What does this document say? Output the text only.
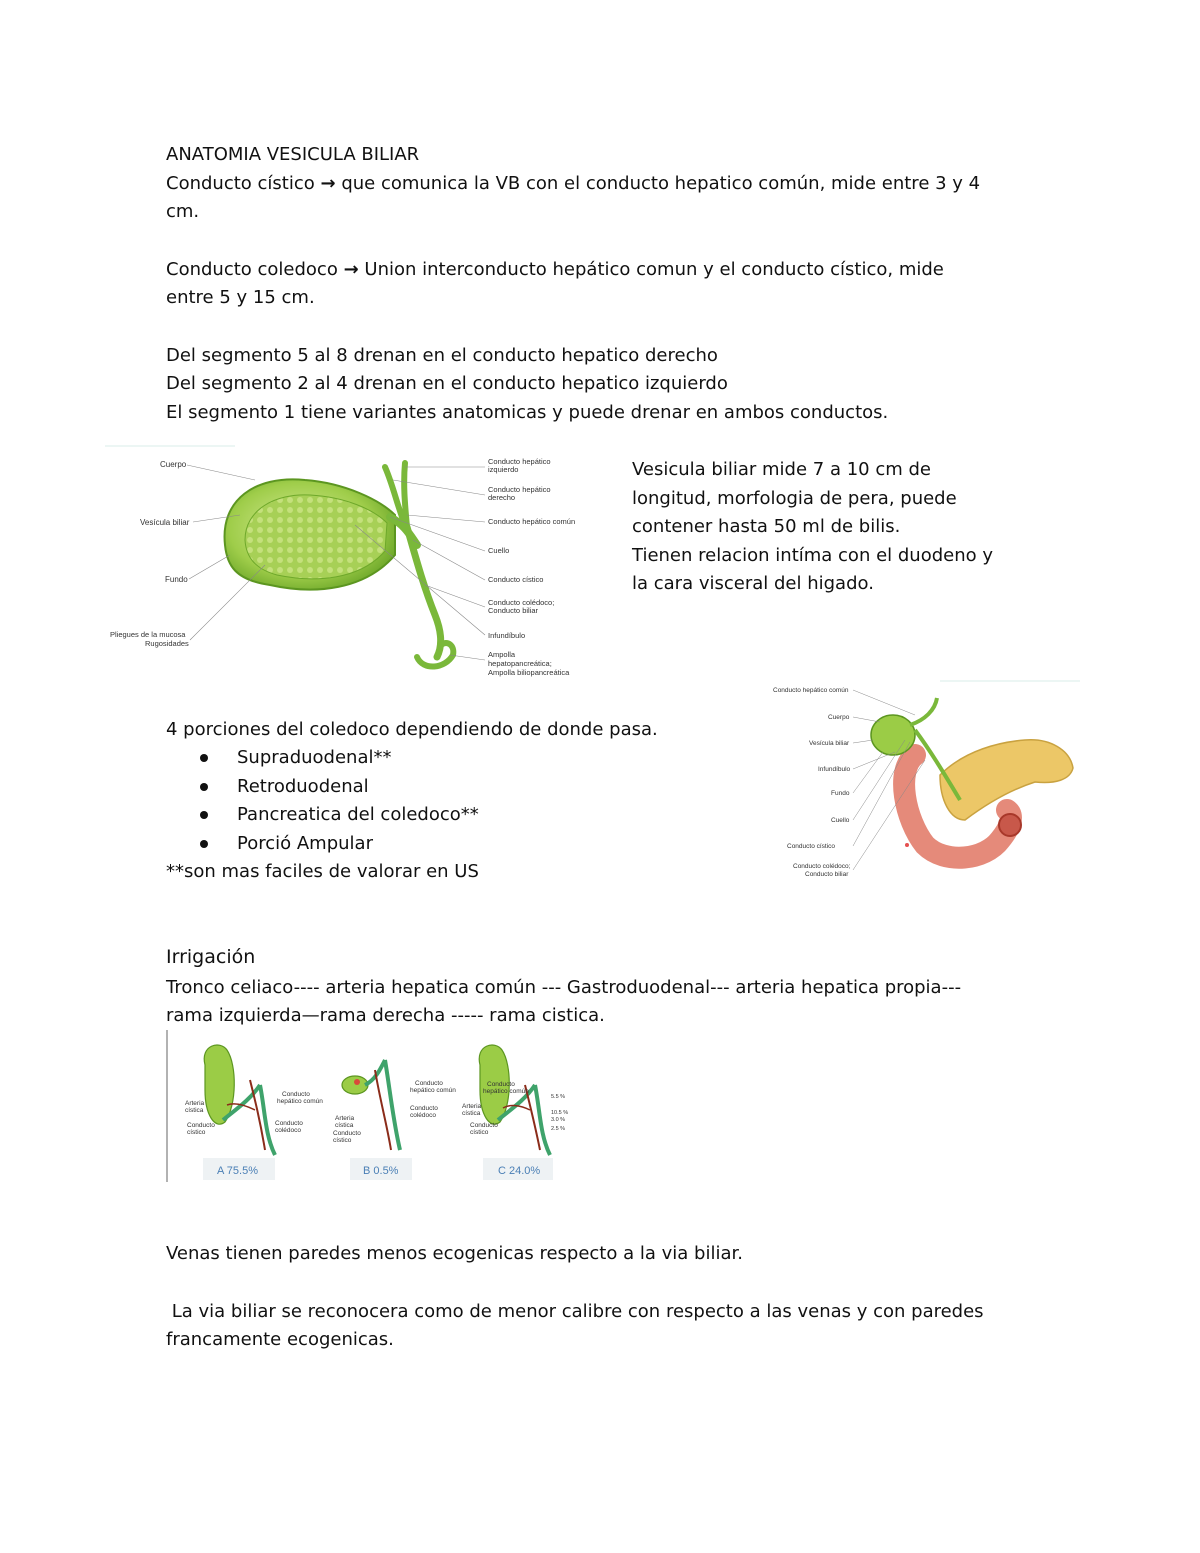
ANATOMIA VESICULA BILIAR

Conducto cístico → que comunica la VB con el conducto hepatico común, mide entre 3 y 4

cm.

Conducto coledoco → Union interconducto hepático comun y el conducto cístico, mide

entre 5 y 15 cm.

Del segmento 5 al 8 drenan en el conducto hepatico derecho

Del segmento 2 al 4 drenan en el conducto hepatico izquierdo

El segmento 1 tiene variantes anatomicas y puede drenar en ambos conductos.

Cuerpo
Vesícula biliar
Fundo
Pliegues de la mucosa
Rugosidades
Conducto hepático
izquierdo
Conducto hepático
derecho
Conducto hepático común
Cuello
Conducto cístico
Conducto colédoco;
Conducto biliar
Infundíbulo
Ampolla
hepatopancreática;
Ampolla biliopancreática

Vesicula biliar mide 7 a 10 cm de
longitud, morfologia de pera, puede
contener hasta 50 ml de bilis.
Tienen relacion intíma con el duodeno y
la cara visceral del higado.

Conducto hepático común
Cuerpo
Vesícula biliar
Infundíbulo
Fundo
Cuello
Conducto cístico
Conducto colédoco;
Conducto biliar

4 porciones del coledoco dependiendo de donde pasa.

Supraduodenal**
Retroduodenal
Pancreatica del coledoco**
Porció Ampular

**son mas faciles de valorar en US

Irrigación

Tronco celiaco---- arteria hepatica común --- Gastroduodenal--- arteria hepatica propia---

rama izquierda—rama derecha ----- rama cistica.

Conducto
hepático común
Arteria
cística
Conducto
cístico
Conducto
colédoco
A 75.5%
Conducto
hepático común
Arteria
cística
Conducto
cístico
Conducto
colédoco
B 0.5%
Conducto
hepático común
Arteria
cística
Conducto
cístico
5.5 %
10.5 %
3.0 %
2.5 %
C 24.0%

Venas tienen paredes menos ecogenicas respecto a la via biliar.

La via biliar se reconocera como de menor calibre con respecto a las venas y con paredes

francamente ecogenicas.
